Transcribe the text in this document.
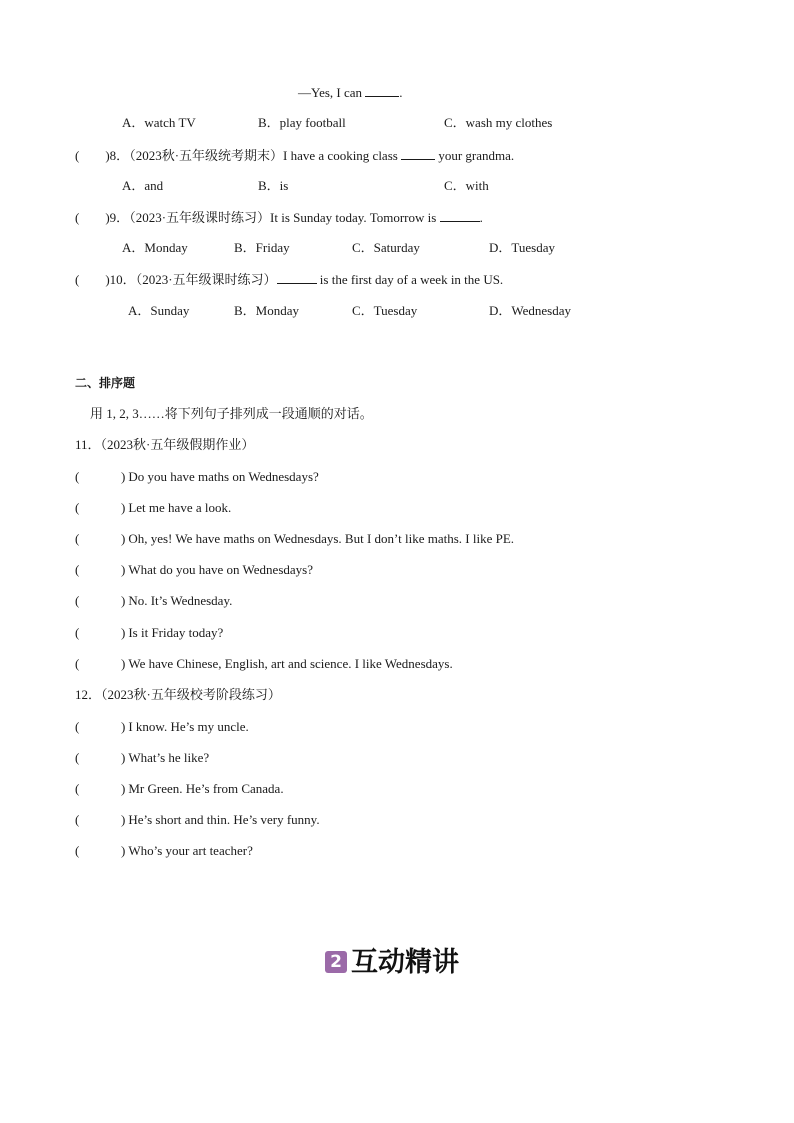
—Yes, I can	.
A．watch TV	B．play football	C．wash my clothes
(　　)8．（2023秋·五年级统考期末）I have a cooking class	your grandma.
A．and	B．is	C．with
(　　)9．（2023·五年级课时练习）It is Sunday today. Tomorrow is	.
A．Monday	B．Friday	C．Saturday	D．Tuesday
(　　)10．（2023·五年级课时练习）	is the first day of a week in the US.
A．Sunday	B．Monday	C．Tuesday	D．Wednesday
二、排序题
用 1, 2, 3……将下列句子排列成一段通顺的对话。
11．（2023秋·五年级假期作业）
(	) Do you have maths on Wednesdays?
(	) Let me have a look.
(	) Oh, yes! We have maths on Wednesdays. But I don’t like maths. I like PE.
(	) What do you have on Wednesdays?
(	) No. It’s Wednesday.
(	) Is it Friday today?
(	) We have Chinese, English, art and science. I like Wednesdays.
12．（2023秋·五年级校考阶段练习）
(	) I know. He’s my uncle.
(	) What’s he like?
(	) Mr Green. He’s from Canada.
(	) He’s short and thin. He’s very funny.
(	) Who’s your art teacher?
2 互动精讲
